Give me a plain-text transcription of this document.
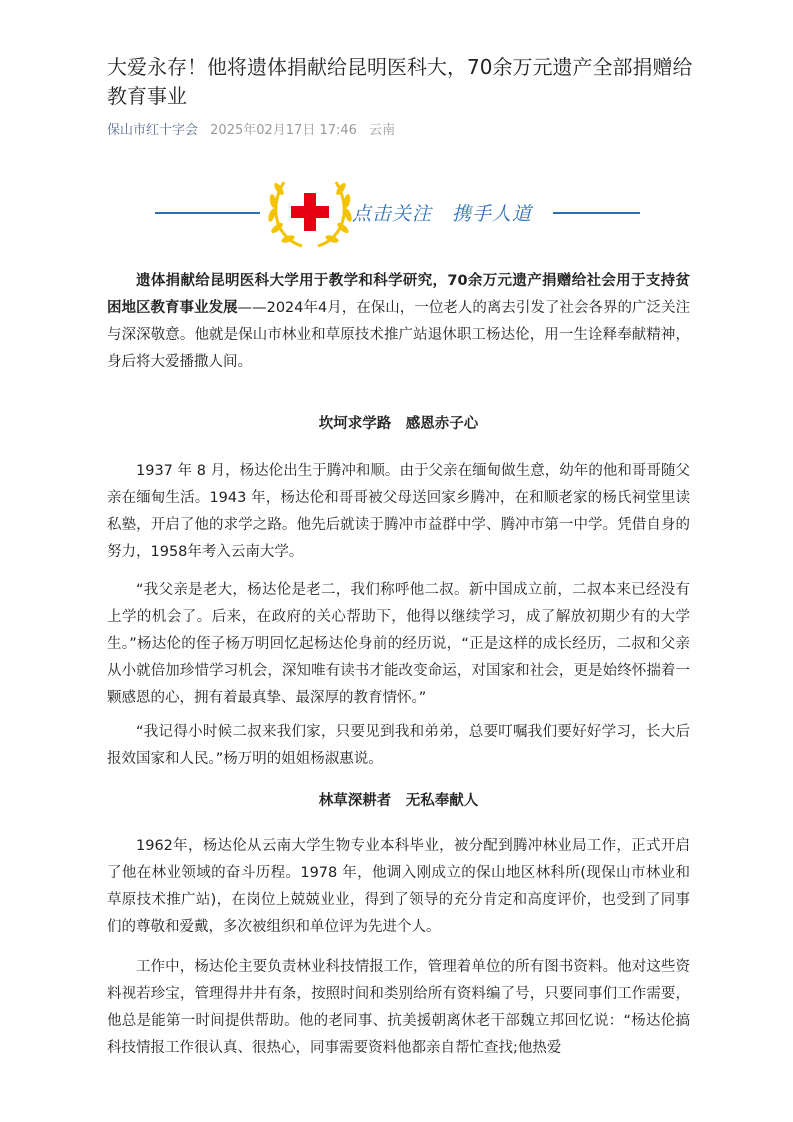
大爱永存！他将遗体捐献给昆明医科大，70余万元遗产全部捐赠给教育事业
保山市红十字会 2025年02月17日 17:46 云南
点击关注　携手人道

遗体捐献给昆明医科大学用于教学和科学研究，70余万元遗产捐赠给社会用于支持贫困地区教育事业发展——2024年4月，在保山，一位老人的离去引发了社会各界的广泛关注与深深敬意。他就是保山市林业和草原技术推广站退休职工杨达伦，用一生诠释奉献精神，身后将大爱播撒人间。

坎坷求学路　感恩赤子心

1937 年 8 月，杨达伦出生于腾冲和顺。由于父亲在缅甸做生意，幼年的他和哥哥随父亲在缅甸生活。1943 年，杨达伦和哥哥被父母送回家乡腾冲，在和顺老家的杨氏祠堂里读私塾，开启了他的求学之路。他先后就读于腾冲市益群中学、腾冲市第一中学。凭借自身的努力，1958年考入云南大学。

“我父亲是老大，杨达伦是老二，我们称呼他二叔。新中国成立前，二叔本来已经没有上学的机会了。后来，在政府的关心帮助下，他得以继续学习，成了解放初期少有的大学生。”杨达伦的侄子杨万明回忆起杨达伦身前的经历说，“正是这样的成长经历，二叔和父亲从小就倍加珍惜学习机会，深知唯有读书才能改变命运，对国家和社会，更是始终怀揣着一颗感恩的心，拥有着最真挚、最深厚的教育情怀。”

“我记得小时候二叔来我们家，只要见到我和弟弟，总要叮嘱我们要好好学习，长大后报效国家和人民。”杨万明的姐姐杨淑惠说。

林草深耕者　无私奉献人

1962年，杨达伦从云南大学生物专业本科毕业，被分配到腾冲林业局工作，正式开启了他在林业领域的奋斗历程。1978 年，他调入刚成立的保山地区林科所(现保山市林业和草原技术推广站)，在岗位上兢兢业业，得到了领导的充分肯定和高度评价，也受到了同事们的尊敬和爱戴，多次被组织和单位评为先进个人。

工作中，杨达伦主要负责林业科技情报工作，管理着单位的所有图书资料。他对这些资料视若珍宝，管理得井井有条，按照时间和类别给所有资料编了号，只要同事们工作需要，他总是能第一时间提供帮助。他的老同事、抗美援朝离休老干部魏立邦回忆说：“杨达伦搞科技情报工作很认真、很热心，同事需要资料他都亲自帮忙查找;他热爱
